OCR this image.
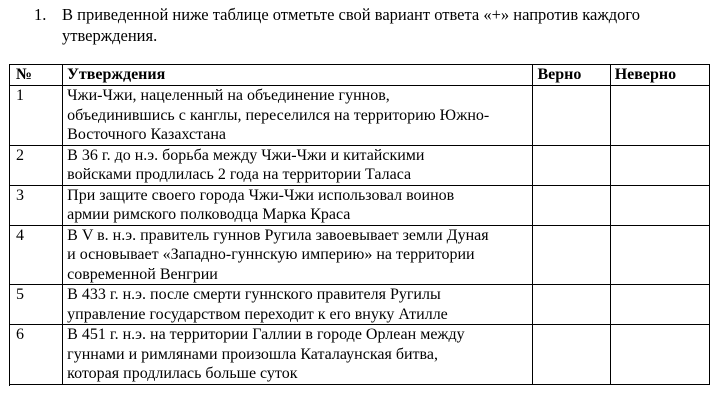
1. В приведенной ниже таблице отметьте свой вариант ответа «+» напротив каждого
утверждения.
№	Утверждения	Верно	Неверно
1	Чжи-Чжи, нацеленный на объединение гуннов,
объединившись с канглы, переселился на территорию Южно-
Восточного Казахстана		

2	В 36 г. до н.э. борьба между Чжи-Чжи и китайскими
войсками продлилась 2 года на территории Таласа		

3	При защите своего города Чжи-Чжи использовал воинов
армии римского полководца Марка Краса		

4	В V в. н.э. правитель гуннов Ругила завоевывает земли Дуная
и основывает «Западно-гуннскую империю» на территории
современной Венгрии		

5	В 433 г. н.э. после смерти гуннского правителя Ругилы
управление государством переходит к его внуку Атилле		

6	В 451 г. н.э. на территории Галлии в городе Орлеан между
гуннами и римлянами произошла Каталаунская битва,
которая продлилась больше суток		
